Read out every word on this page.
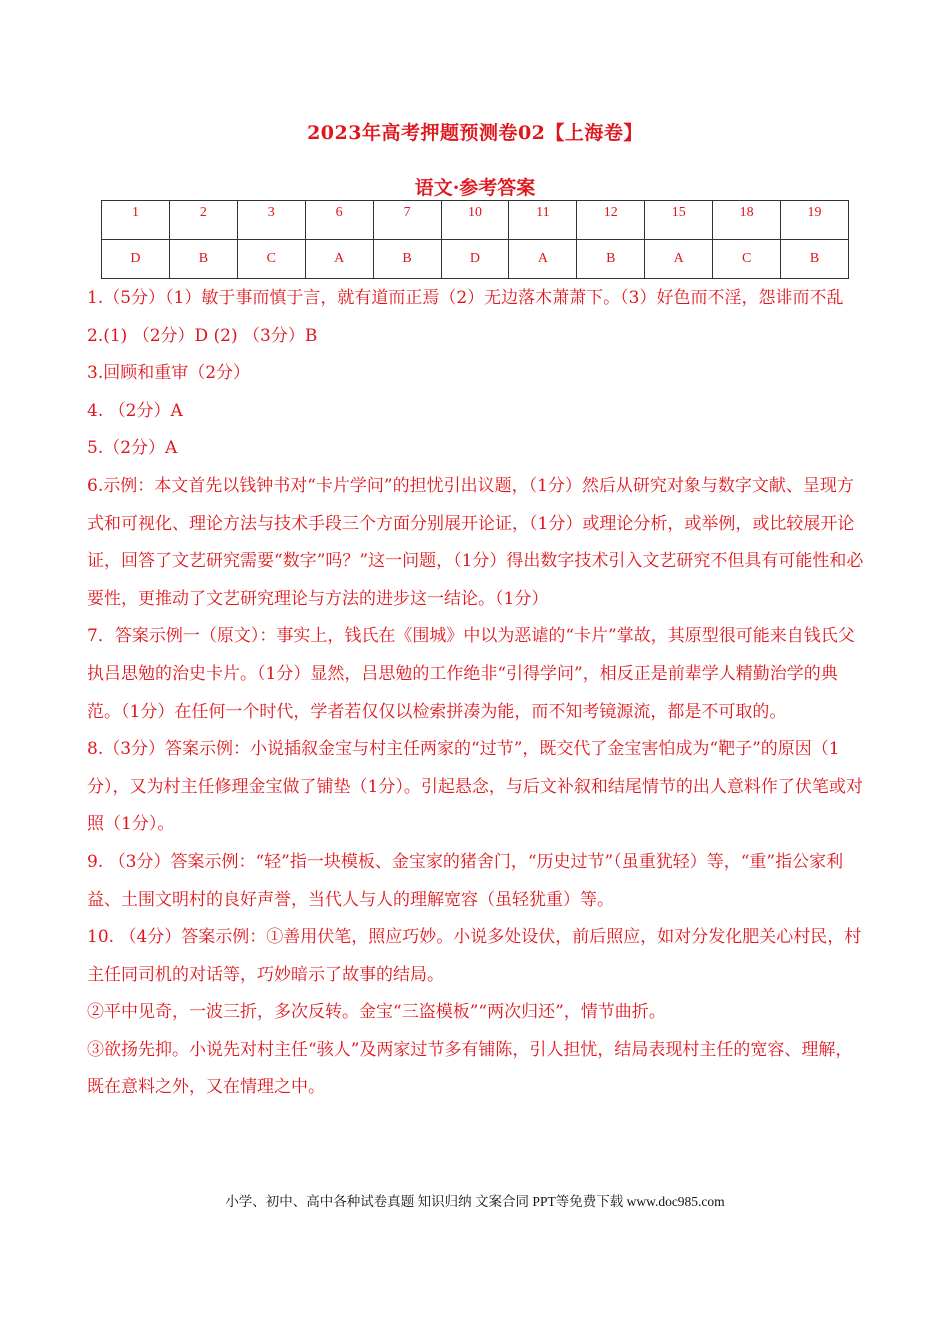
2023年高考押题预测卷02【上海卷】
语文·参考答案
1	2	3	6	7	10	11	12	15	18	19
D	B	C	A	B	D	A	B	A	C	B

1.（5分）（1）敏于事而慎于言，就有道而正焉（2）无边落木萧萧下。（3）好色而不淫，怨诽而不乱

2.(1) （2分）D (2) （3分）B

3.回顾和重审（2分）

4. （2分）A

5.（2分）A

6.示例：本文首先以钱钟书对“卡片学问”的担忧引出议题，（1分）然后从研究对象与数字文献、呈现方式和可视化、理论方法与技术手段三个方面分别展开论证，（1分）或理论分析，或举例，或比较展开论证，回答了文艺研究需要“数字”吗？”这一问题，（1分）得出数字技术引入文艺研究不但具有可能性和必要性，更推动了文艺研究理论与方法的进步这一结论。（1分）

7．答案示例一（原文）：事实上，钱氏在《围城》中以为恶谑的“卡片”掌故，其原型很可能来自钱氏父执吕思勉的治史卡片。（1分）显然，吕思勉的工作绝非“引得学问”，相反正是前辈学人精勤治学的典范。（1分）在任何一个时代，学者若仅仅以检索拼凑为能，而不知考镜源流，都是不可取的。

8.（3分）答案示例：小说插叙金宝与村主任两家的“过节”，既交代了金宝害怕成为“靶子”的原因（1分），又为村主任修理金宝做了铺垫（1分）。引起悬念，与后文补叙和结尾情节的出人意料作了伏笔或对照（1分）。

9. （3分）答案示例：“轻”指一块模板、金宝家的猪舍门，“历史过节”（虽重犹轻）等，“重”指公家利益、土围文明村的良好声誉，当代人与人的理解宽容（虽轻犹重）等。

10. （4分）答案示例：①善用伏笔，照应巧妙。小说多处设伏，前后照应，如对分发化肥关心村民，村主任同司机的对话等，巧妙暗示了故事的结局。

②平中见奇，一波三折，多次反转。金宝“三盗模板”“两次归还”，情节曲折。

③欲扬先抑。小说先对村主任“骇人”及两家过节多有铺陈，引人担忧，结局表现村主任的宽容、理解，既在意料之外，又在情理之中。

小学、初中、高中各种试卷真题 知识归纳 文案合同 PPT等免费下载 www.doc985.com
